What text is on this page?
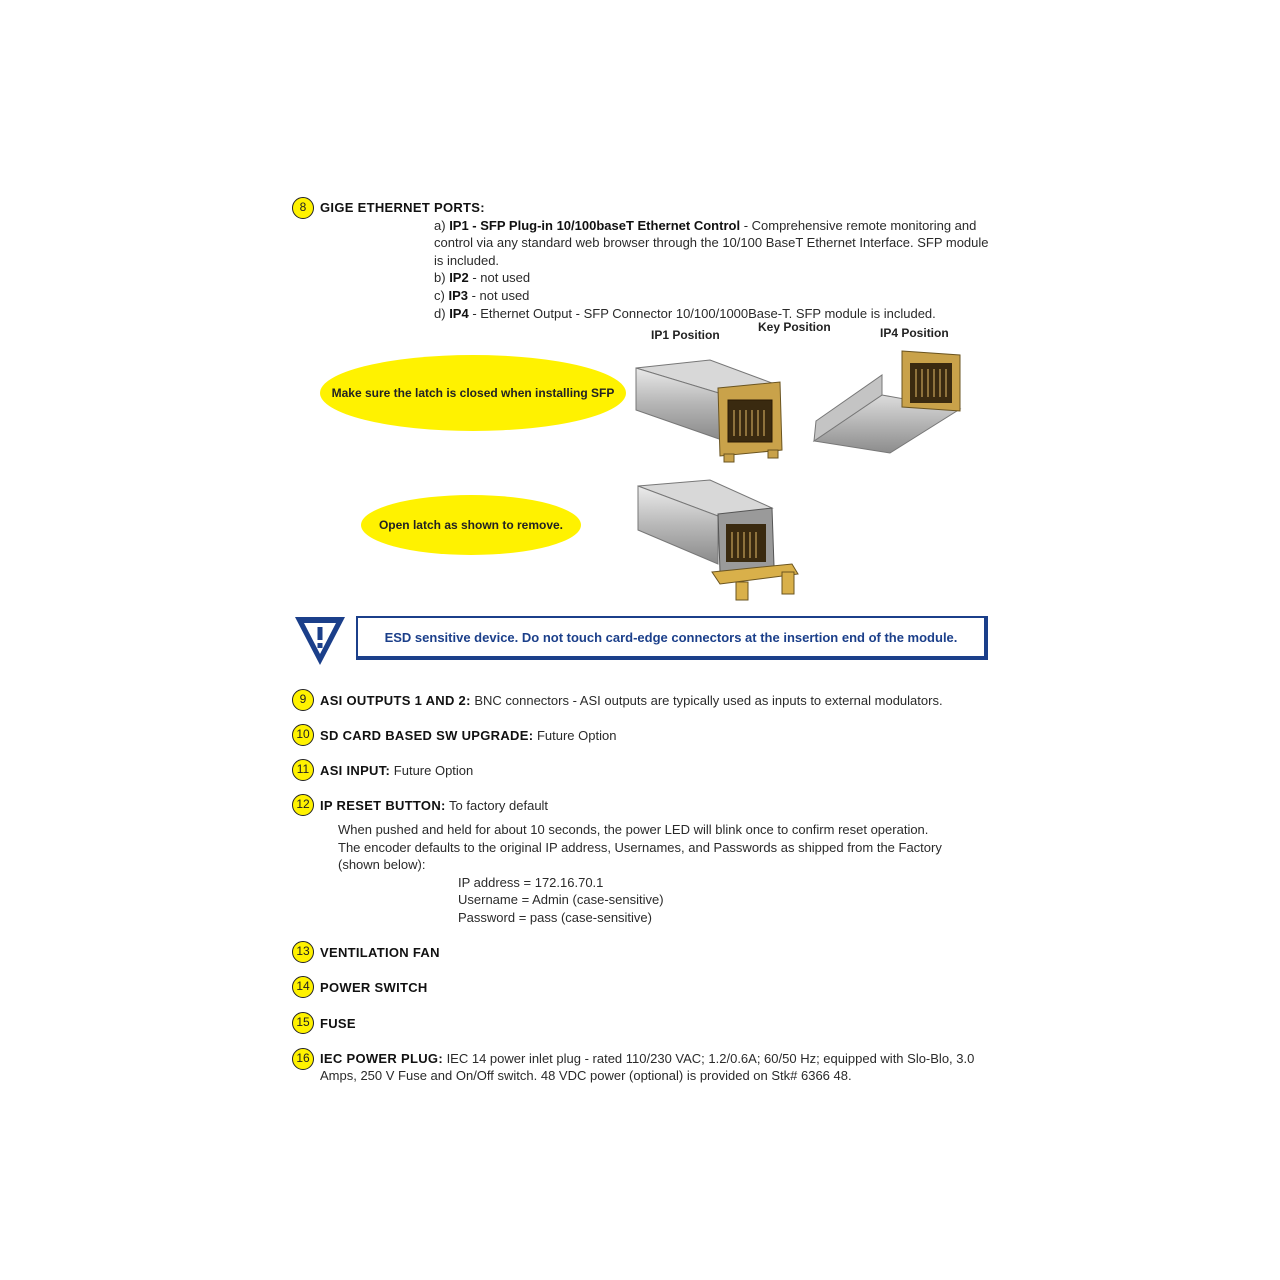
8	GIGE ETHERNET PORTS:
a) IP1 - SFP Plug-in 10/100baseT Ethernet Control - Comprehensive remote monitoring and
control via any standard web browser through the 10/100 BaseT Ethernet Interface. SFP module
is included.
b) IP2 - not used
c) IP3 - not used
d) IP4 - Ethernet Output - SFP Connector 10/100/1000Base-T. SFP module is included.
IP1 Position
Key Position	IP4 Position
Make sure the latch is closed when installing SFP
Open latch as shown to remove.
ESD sensitive device. Do not touch card-edge connectors at the insertion end of the module.
9	ASI OUTPUTS 1 AND 2: BNC connectors - ASI outputs are typically used as inputs to external modulators.
10 SD CARD BASED SW UPGRADE: Future Option
11 ASI INPUT: Future Option
12 IP RESET BUTTON: To factory default
When pushed and held for about 10 seconds, the power LED will blink once to confirm reset operation.
The encoder defaults to the original IP address, Usernames, and Passwords as shipped from the Factory
(shown below):
IP address = 172.16.70.1
Username = Admin (case-sensitive)
Password = pass (case-sensitive)
13 VENTILATION FAN
14 POWER SWITCH
15 FUSE
16 IEC POWER PLUG: IEC 14 power inlet plug - rated 110/230 VAC; 1.2/0.6A; 60/50 Hz; equipped with Slo-Blo, 3.0
Amps, 250 V Fuse and On/Off switch. 48 VDC power (optional) is provided on Stk# 6366 48.
